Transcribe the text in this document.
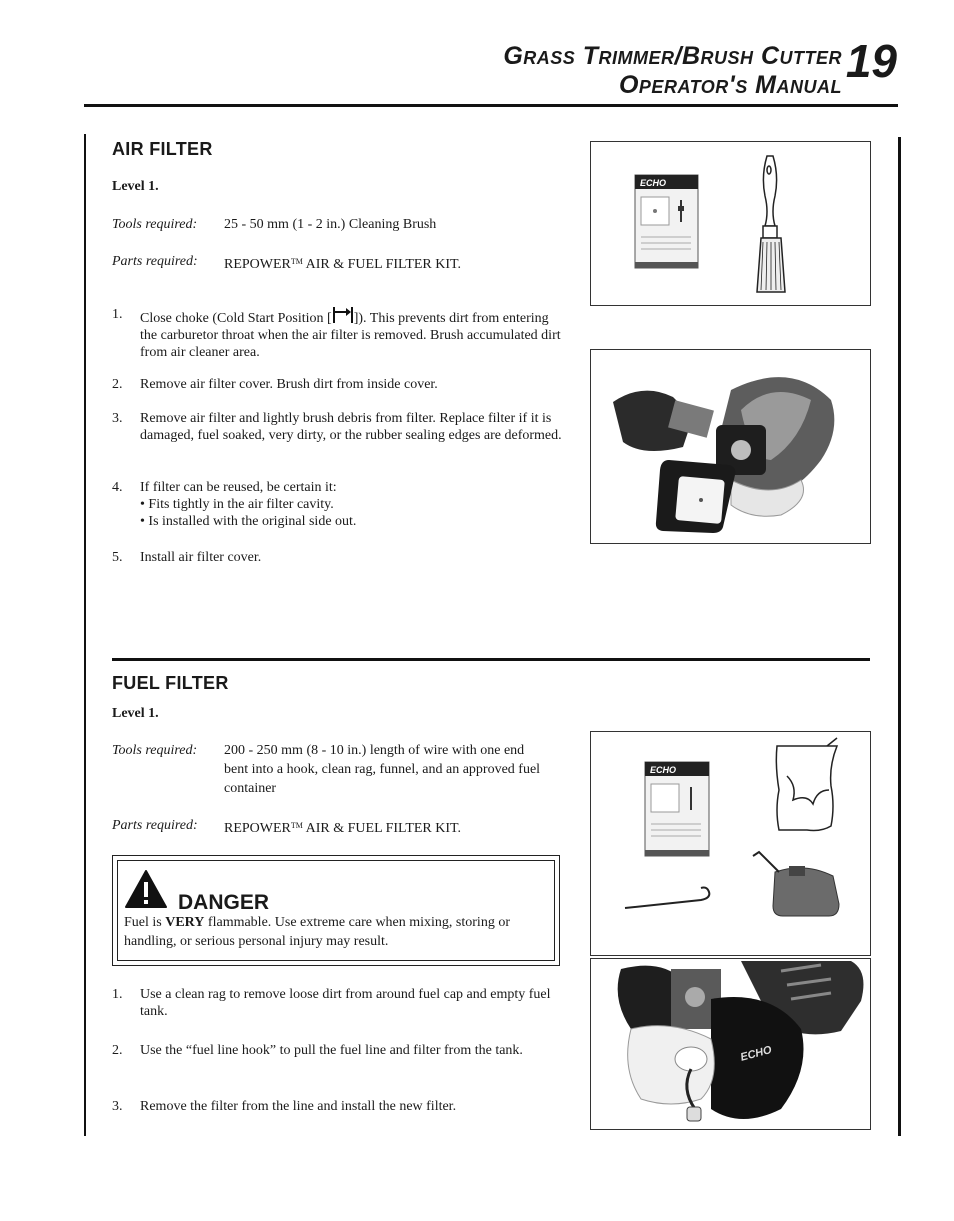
Grass Trimmer/Brush Cutter
Operator's Manual 19
AIR FILTER
Level 1.
Tools required: 25 - 50 mm (1 - 2 in.) Cleaning Brush
Parts required: REPOWER™ AIR & FUEL FILTER KIT.
1. Close choke (Cold Start Position [ ]). This prevents dirt from entering the carburetor throat when the air filter is removed. Brush accumulated dirt from air cleaner area.
2. Remove air filter cover. Brush dirt from inside cover.
3. Remove air filter and lightly brush debris from filter. Replace filter if it is damaged, fuel soaked, very dirty, or the rubber sealing edges are deformed.
4. If filter can be reused, be certain it:
• Fits tightly in the air filter cavity.
• Is installed with the original side out.
5. Install air filter cover.
ECHO
FUEL FILTER
Level 1.
Tools required: 200 - 250 mm (8 - 10 in.) length of wire with one end bent into a hook, clean rag, funnel, and an approved fuel container
Parts required: REPOWER™ AIR & FUEL FILTER KIT.
DANGER
Fuel is VERY flammable. Use extreme care when mixing, storing or handling, or serious personal injury may result.
1. Use a clean rag to remove loose dirt from around fuel cap and empty fuel tank.
2. Use the “fuel line hook” to pull the fuel line and filter from the tank.
3. Remove the filter from the line and install the new filter.
ECHO
ECHO
